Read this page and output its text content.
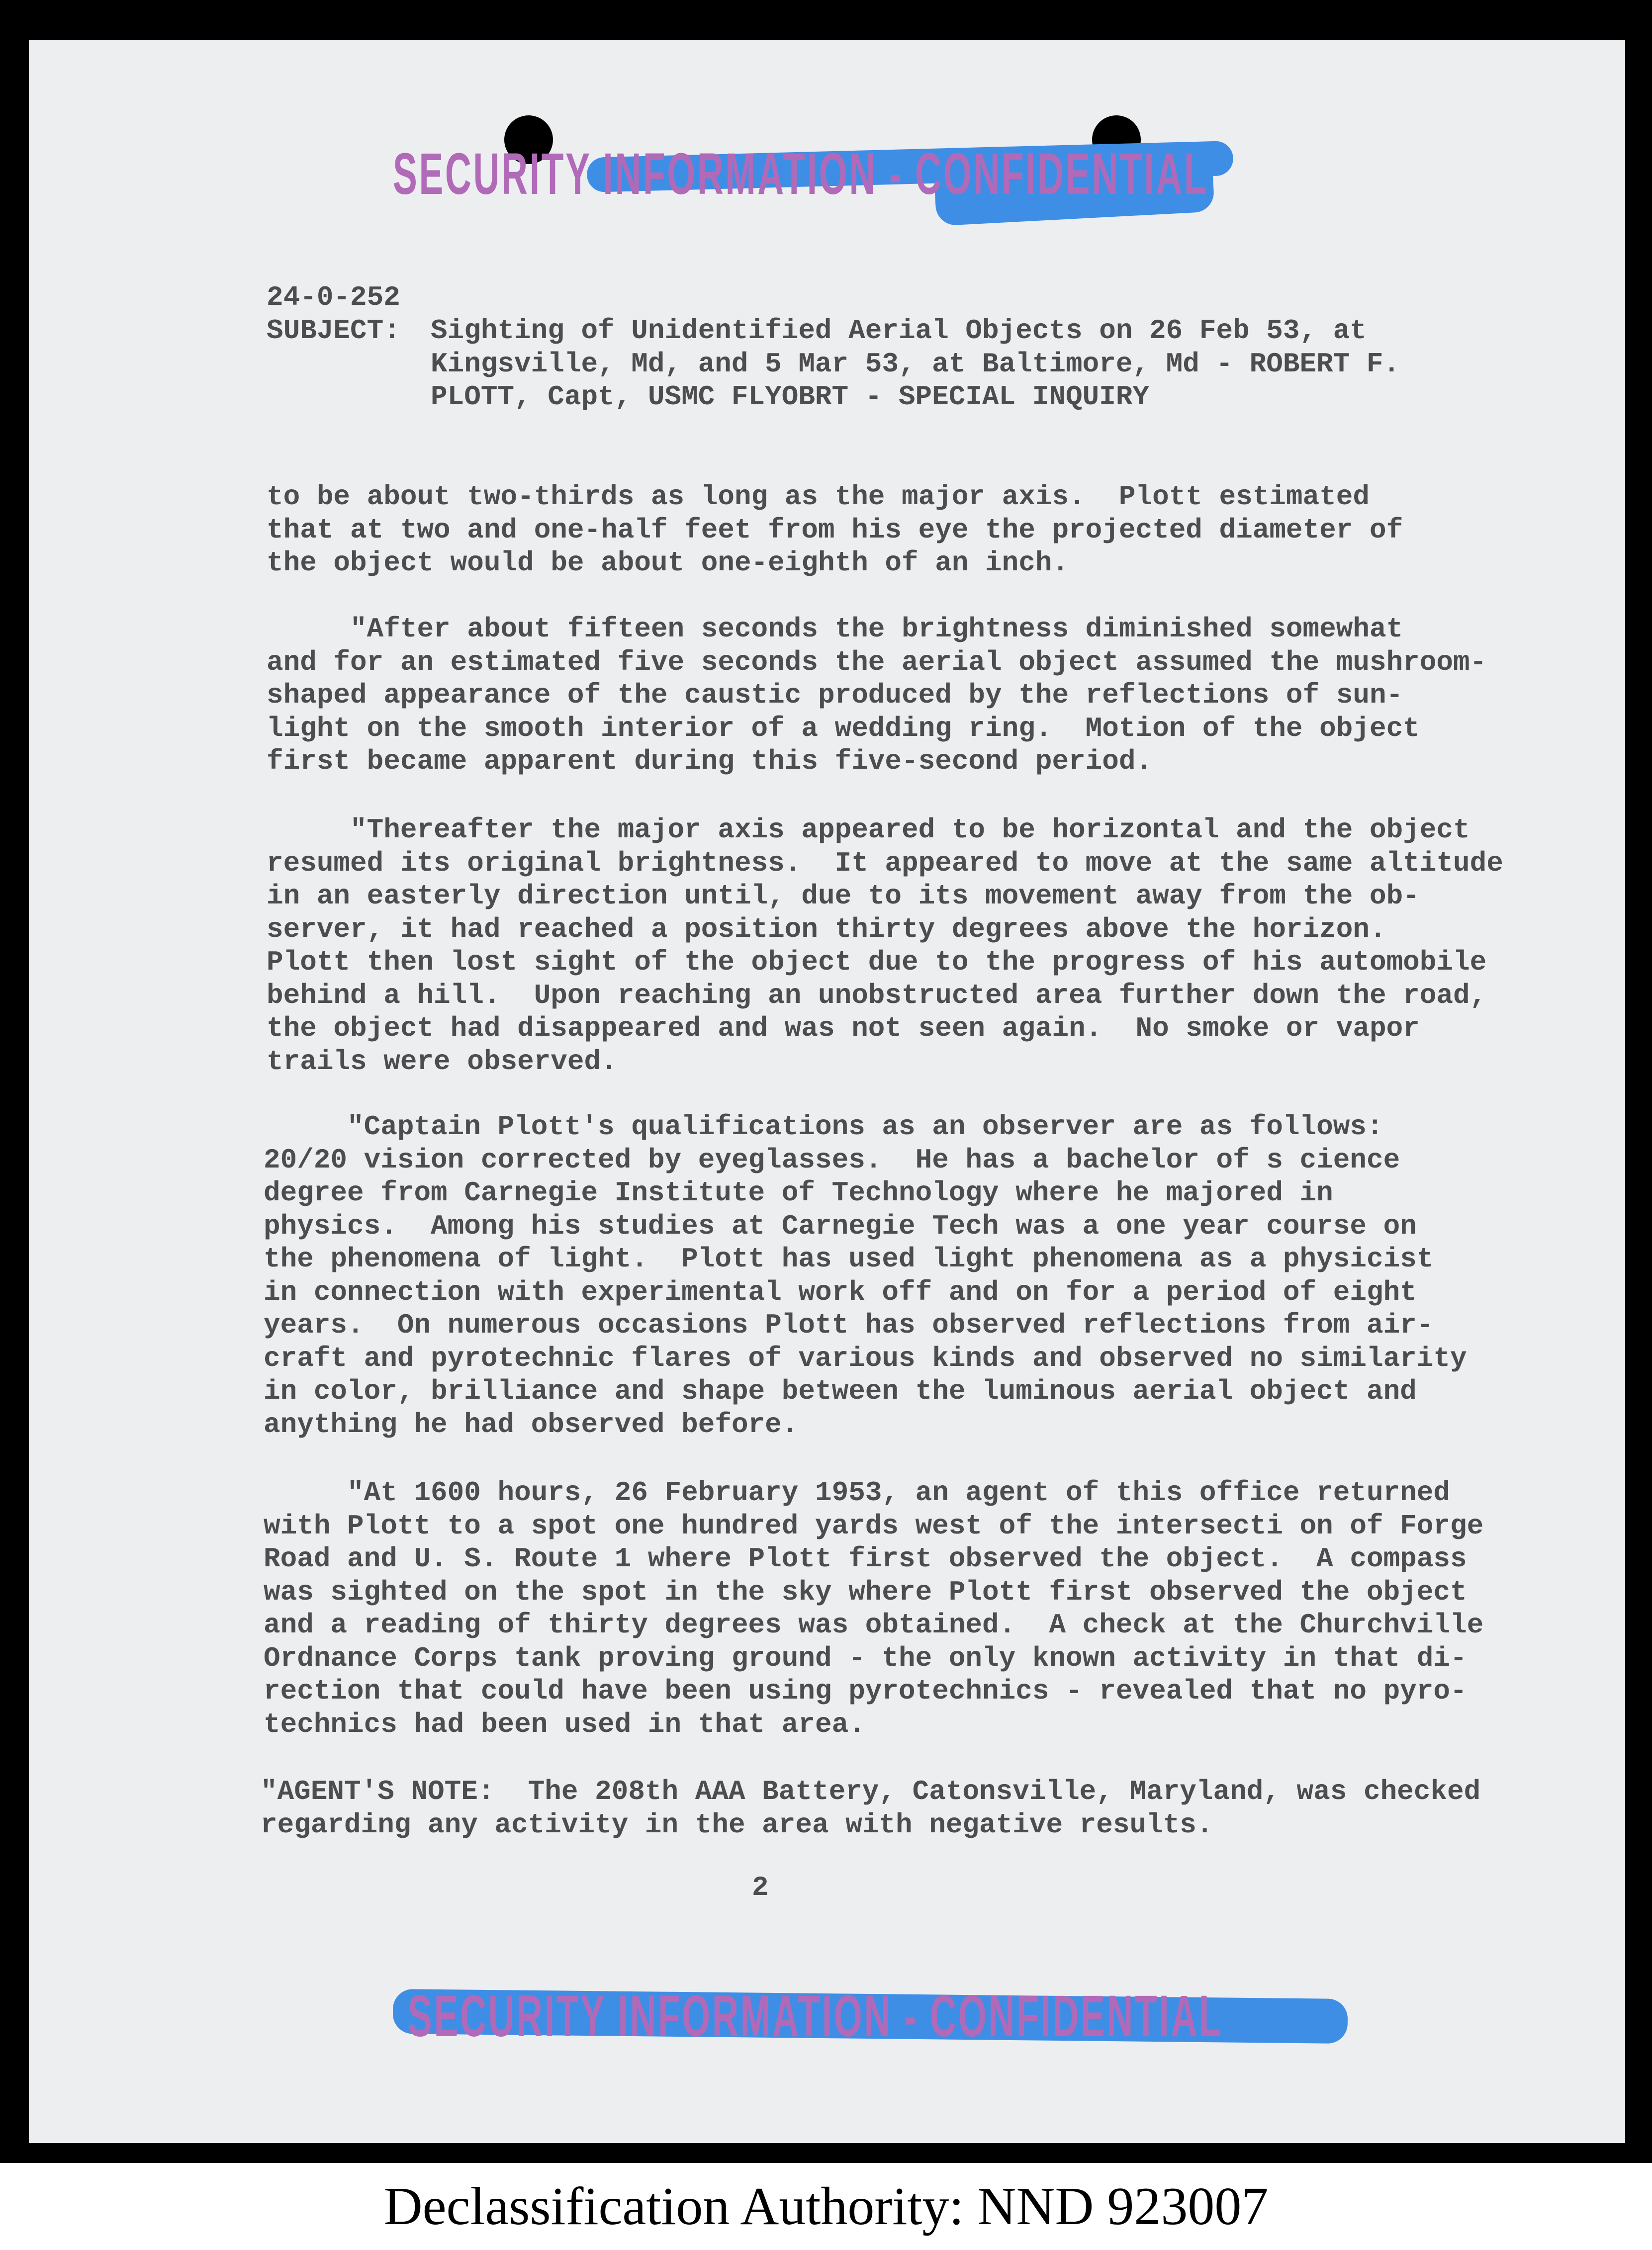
SECURITY INFORMATION - CONFIDENTIAL
24-0-252
SUBJECT: Sighting of Unidentified Aerial Objects on 26 Feb 53, at
Kingsville, Md, and 5 Mar 53, at Baltimore, Md - ROBERT F.
PLOTT, Capt, USMC FLYOBRT - SPECIAL INQUIRY
to be about two-thirds as long as the major axis.  Plott estimated
that at two and one-half feet from his eye the projected diameter of
the object would be about one-eighth of an inch.
"After about fifteen seconds the brightness diminished somewhat
and for an estimated five seconds the aerial object assumed the mushroom-
shaped appearance of the caustic produced by the reflections of sun-
light on the smooth interior of a wedding ring.  Motion of the object
first became apparent during this five-second period.
"Thereafter the major axis appeared to be horizontal and the object
resumed its original brightness.  It appeared to move at the same altitude
in an easterly direction until, due to its movement away from the ob-
server, it had reached a position thirty degrees above the horizon.
Plott then lost sight of the object due to the progress of his automobile
behind a hill.  Upon reaching an unobstructed area further down the road,
the object had disappeared and was not seen again.  No smoke or vapor
trails were observed.
"Captain Plott's qualifications as an observer are as follows:
20/20 vision corrected by eyeglasses.  He has a bachelor of s cience
degree from Carnegie Institute of Technology where he majored in
physics.  Among his studies at Carnegie Tech was a one year course on
the phenomena of light.  Plott has used light phenomena as a physicist
in connection with experimental work off and on for a period of eight
years.  On numerous occasions Plott has observed reflections from air-
craft and pyrotechnic flares of various kinds and observed no similarity
in color, brilliance and shape between the luminous aerial object and
anything he had observed before.
"At 1600 hours, 26 February 1953, an agent of this office returned
with Plott to a spot one hundred yards west of the intersecti on of Forge
Road and U. S. Route 1 where Plott first observed the object.  A compass
was sighted on the spot in the sky where Plott first observed the object
and a reading of thirty degrees was obtained.  A check at the Churchville
Ordnance Corps tank proving ground - the only known activity in that di-
rection that could have been using pyrotechnics - revealed that no pyro-
technics had been used in that area.
"AGENT'S NOTE:  The 208th AAA Battery, Catonsville, Maryland, was checked
regarding any activity in the area with negative results.
2
SECURITY INFORMATION - CONFIDENTIAL
Declassification Authority: NND 923007
